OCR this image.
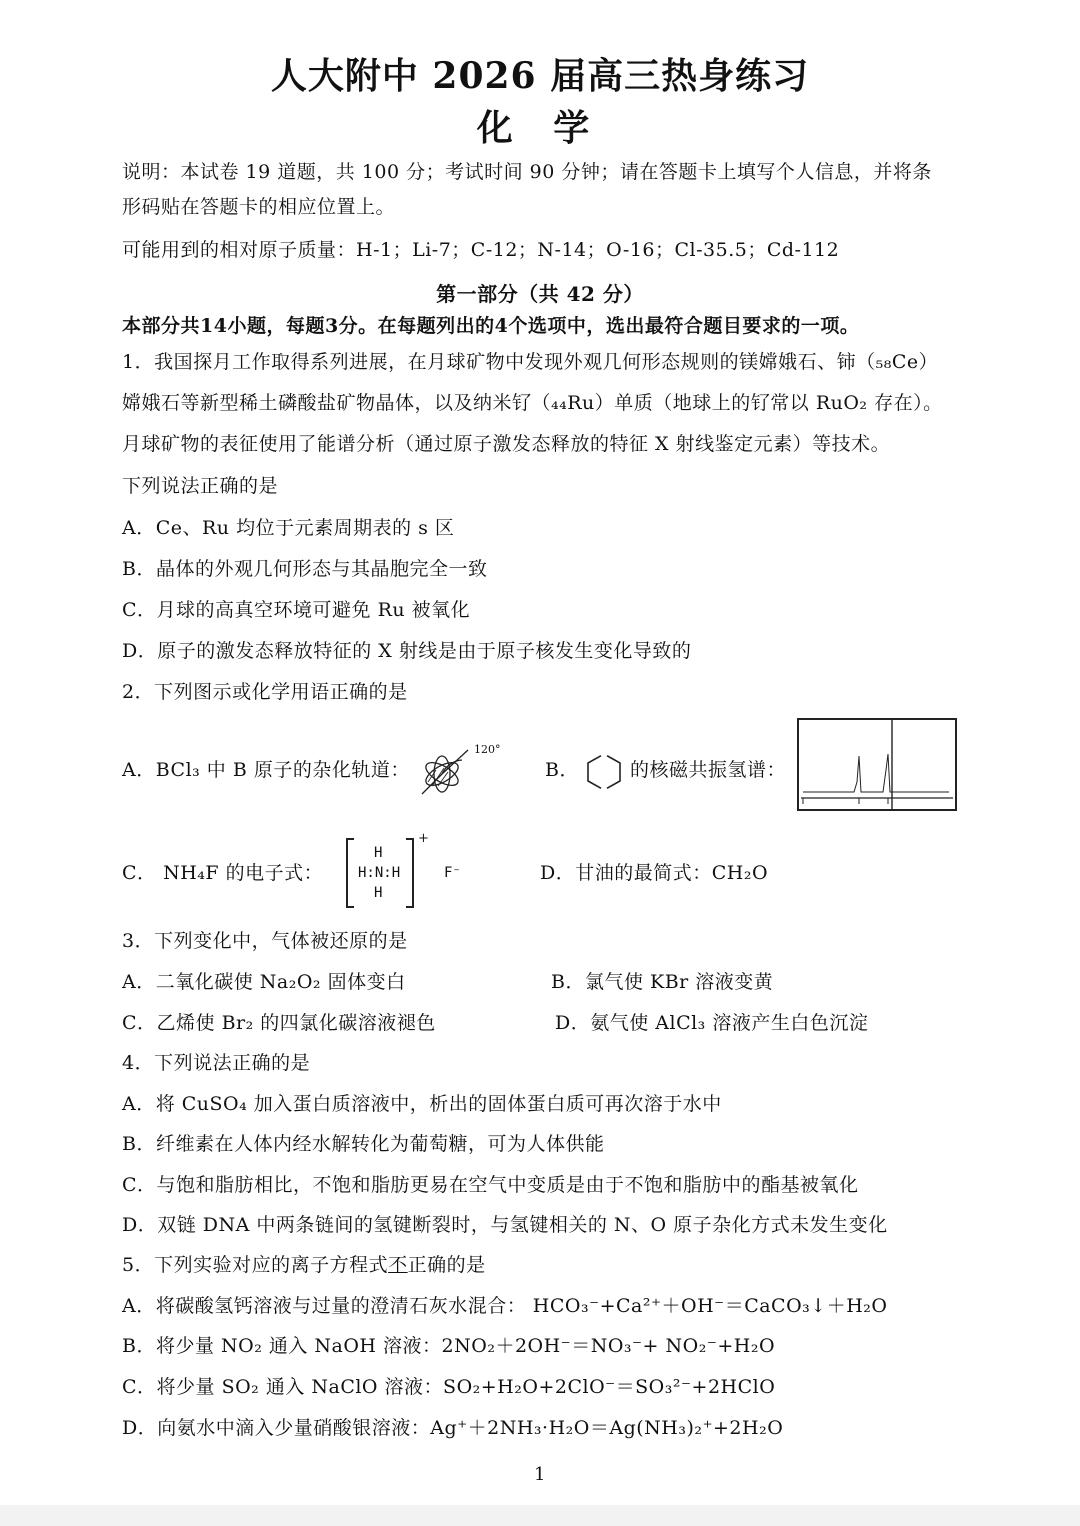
人大附中 2026 届高三热身练习
化 学
说明：本试卷 19 道题，共 100 分；考试时间 90 分钟；请在答题卡上填写个人信息，并将条
形码贴在答题卡的相应位置上。
可能用到的相对原子质量：H-1；Li-7；C-12；N-14；O-16；Cl-35.5；Cd-112
第一部分（共 42 分）
本部分共14小题，每题3分。在每题列出的4个选项中，选出最符合题目要求的一项。
1．我国探月工作取得系列进展，在月球矿物中发现外观几何形态规则的镁嫦娥石、铈（₅₈Ce）
嫦娥石等新型稀土磷酸盐矿物晶体，以及纳米钌（₄₄Ru）单质（地球上的钌常以 RuO₂ 存在）。
月球矿物的表征使用了能谱分析（通过原子激发态释放的特征 X 射线鉴定元素）等技术。
下列说法正确的是
A．Ce、Ru 均位于元素周期表的 s 区
B．晶体的外观几何形态与其晶胞完全一致
C．月球的高真空环境可避免 Ru 被氧化
D．原子的激发态释放特征的 X 射线是由于原子核发生变化导致的
2．下列图示或化学用语正确的是
A．BCl₃ 中 B 原子的杂化轨道：
120°
B．	的核磁共振氢谱：
C． NH₄F 的电子式：
H
H:N:H
H
+
F⁻	D．甘油的最简式：CH₂O
3．下列变化中，气体被还原的是
A．二氧化碳使 Na₂O₂ 固体变白	B．氯气使 KBr 溶液变黄
C．乙烯使 Br₂ 的四氯化碳溶液褪色	D．氨气使 AlCl₃ 溶液产生白色沉淀
4．下列说法正确的是
A．将 CuSO₄ 加入蛋白质溶液中，析出的固体蛋白质可再次溶于水中
B．纤维素在人体内经水解转化为葡萄糖，可为人体供能
C．与饱和脂肪相比，不饱和脂肪更易在空气中变质是由于不饱和脂肪中的酯基被氧化
D．双链 DNA 中两条链间的氢键断裂时，与氢键相关的 N、O 原子杂化方式未发生变化
5．下列实验对应的离子方程式不正确的是
A．将碳酸氢钙溶液与过量的澄清石灰水混合： HCO₃⁻+Ca²⁺＋OH⁻＝CaCO₃↓＋H₂O
B．将少量 NO₂ 通入 NaOH 溶液：2NO₂＋2OH⁻＝NO₃⁻+ NO₂⁻+H₂O
C．将少量 SO₂ 通入 NaClO 溶液：SO₂+H₂O+2ClO⁻＝SO₃²⁻+2HClO
D．向氨水中滴入少量硝酸银溶液：Ag⁺＋2NH₃·H₂O＝Ag(NH₃)₂⁺+2H₂O
1
